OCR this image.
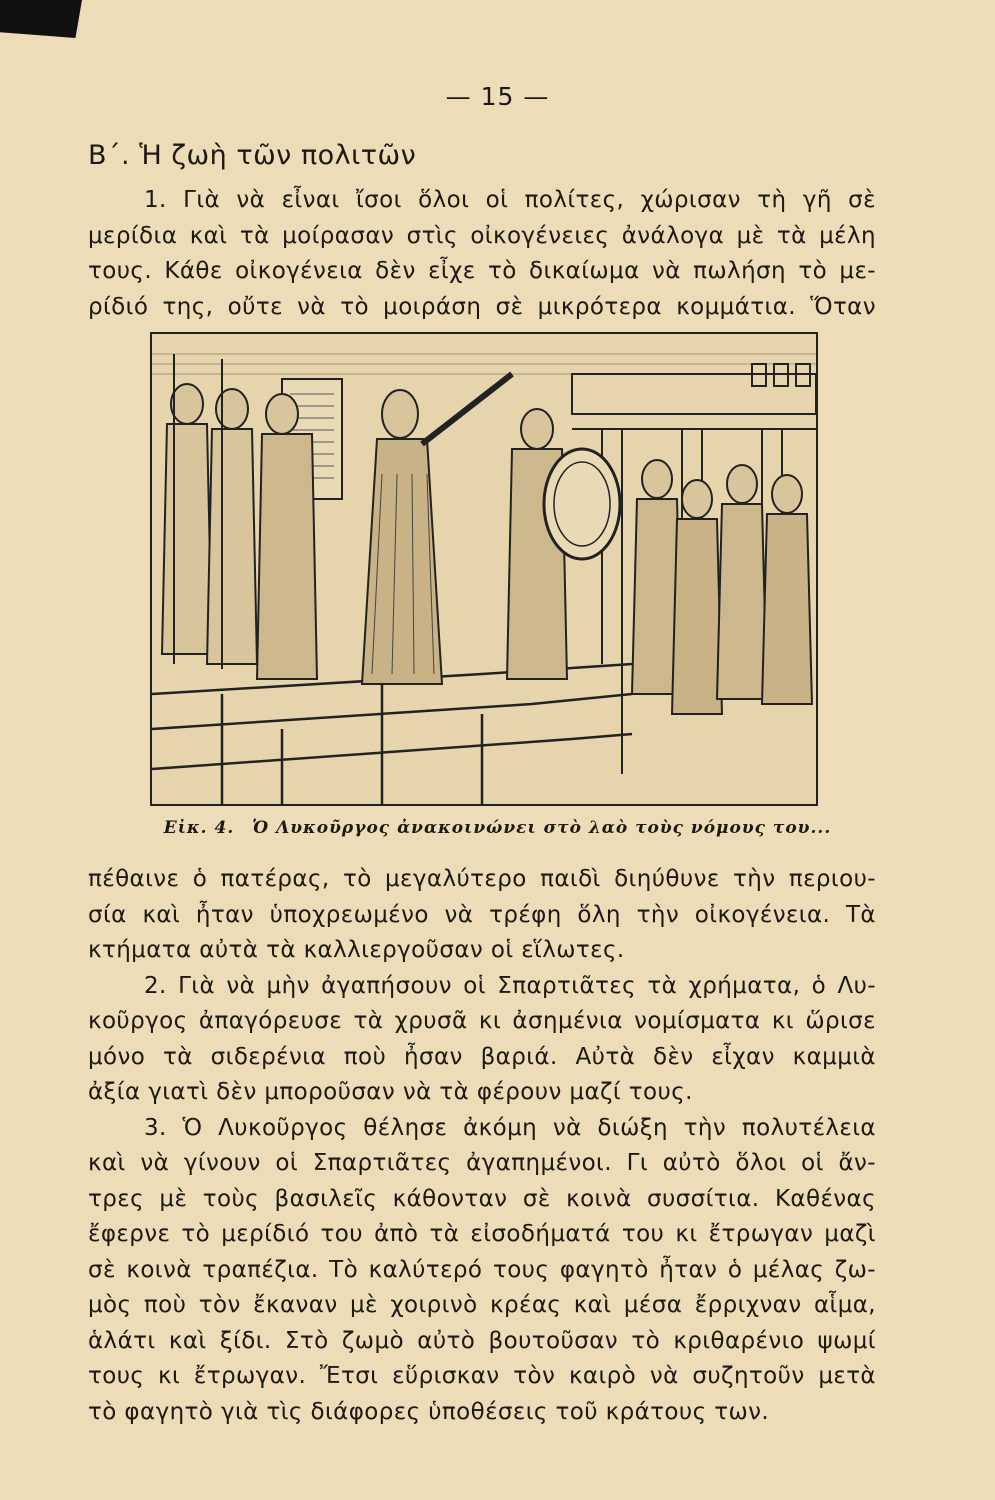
— 15 —
Β΄. Ἡ ζωὴ τῶν πολιτῶν

1. Γιὰ νὰ εἶναι ἴσοι ὅλοι οἱ πολίτες, χώρισαν τὴ γῆ σὲ
μερίδια καὶ τὰ μοίρασαν στὶς οἰκογένειες ἀνάλογα μὲ τὰ μέλη
τους. Κάθε οἰκογένεια δὲν εἶχε τὸ δικαίωμα νὰ πωλήση τὸ με-
ρίδιό της, οὔτε νὰ τὸ μοιράση σὲ μικρότερα κομμάτια. Ὅταν

Εἰκ. 4. Ὁ Λυκοῦργος ἀνακοινώνει στὸ λαὸ τοὺς νόμους του...

πέθαινε ὁ πατέρας, τὸ μεγαλύτερο παιδὶ διηύθυνε τὴν περιου-
σία καὶ ἦταν ὑποχρεωμένο νὰ τρέφη ὅλη τὴν οἰκογένεια. Τὰ
κτήματα αὐτὰ τὰ καλλιεργοῦσαν οἱ εἵλωτες.

2. Γιὰ νὰ μὴν ἀγαπήσουν οἱ Σπαρτιᾶτες τὰ χρήματα, ὁ Λυ-
κοῦργος ἀπαγόρευσε τὰ χρυσᾶ κι ἀσημένια νομίσματα κι ὥρισε
μόνο τὰ σιδερένια ποὺ ἦσαν βαριά. Αὐτὰ δὲν εἶχαν καμμιὰ
ἀξία γιατὶ δὲν μποροῦσαν νὰ τὰ φέρουν μαζί τους.

3. Ὁ Λυκοῦργος θέλησε ἀκόμη νὰ διώξη τὴν πολυτέλεια
καὶ νὰ γίνουν οἱ Σπαρτιᾶτες ἀγαπημένοι. Γι αὐτὸ ὅλοι οἱ ἄν-
τρες μὲ τοὺς βασιλεῖς κάθονταν σὲ κοινὰ συσσίτια. Καθένας
ἔφερνε τὸ μερίδιό του ἀπὸ τὰ εἰσοδήματά του κι ἔτρωγαν μαζὶ
σὲ κοινὰ τραπέζια. Τὸ καλύτερό τους φαγητὸ ἦταν ὁ μέλας ζω-
μὸς ποὺ τὸν ἔκαναν μὲ χοιρινὸ κρέας καὶ μέσα ἔρριχναν αἷμα,
ἁλάτι καὶ ξίδι. Στὸ ζωμὸ αὐτὸ βουτοῦσαν τὸ κριθαρένιο ψωμί
τους κι ἔτρωγαν. Ἔτσι εὕρισκαν τὸν καιρὸ νὰ συζητοῦν μετὰ
τὸ φαγητὸ γιὰ τὶς διάφορες ὑποθέσεις τοῦ κράτους των.
